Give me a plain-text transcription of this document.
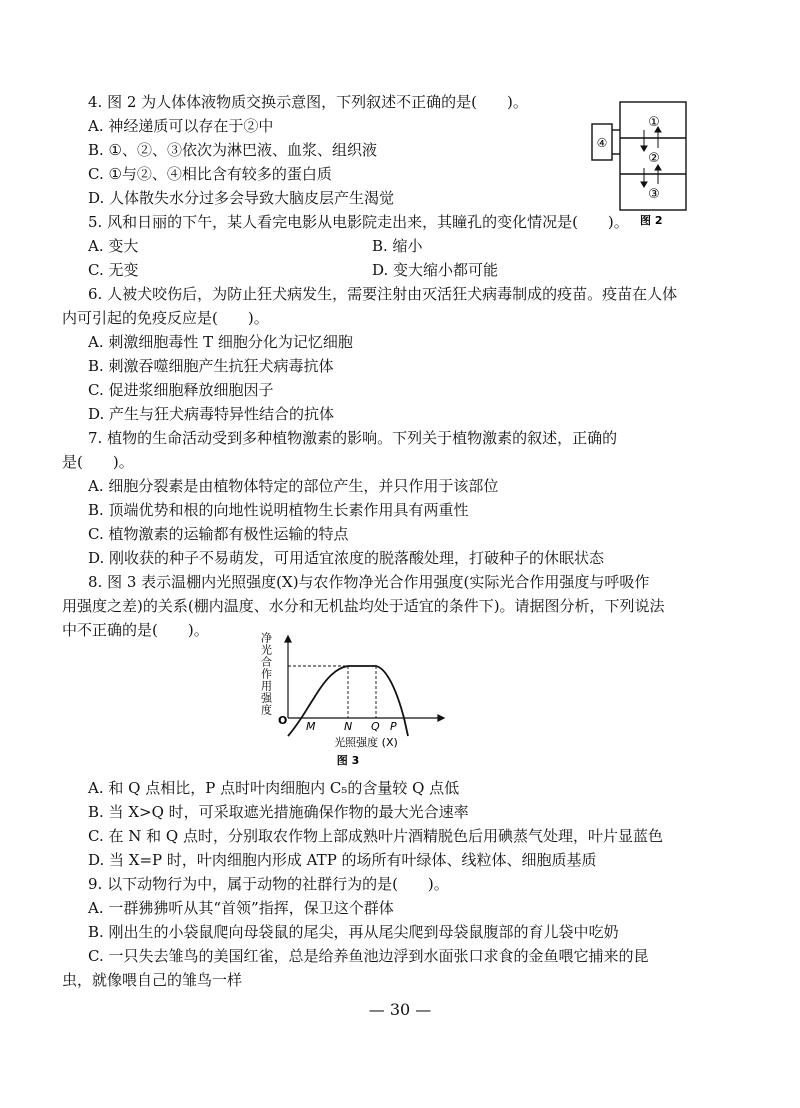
4. 图 2 为人体体液物质交换示意图，下列叙述不正确的是(　　)。
A. 神经递质可以存在于②中
B. ①、②、③依次为淋巴液、血浆、组织液
C. ①与②、④相比含有较多的蛋白质
D. 人体散失水分过多会导致大脑皮层产生渴觉
①
②
③
④
图 2
5. 风和日丽的下午，某人看完电影从电影院走出来，其瞳孔的变化情况是(　　)。
A. 变大	B. 缩小
C. 无变	D. 变大缩小都可能
6. 人被犬咬伤后，为防止狂犬病发生，需要注射由灭活狂犬病毒制成的疫苗。疫苗在人体
内可引起的免疫反应是(　　)。
A. 刺激细胞毒性 T 细胞分化为记忆细胞
B. 刺激吞噬细胞产生抗狂犬病毒抗体
C. 促进浆细胞释放细胞因子
D. 产生与狂犬病毒特异性结合的抗体
7. 植物的生命活动受到多种植物激素的影响。下列关于植物激素的叙述，正确的
是(　　)。
A. 细胞分裂素是由植物体特定的部位产生，并只作用于该部位
B. 顶端优势和根的向地性说明植物生长素作用具有两重性
C. 植物激素的运输都有极性运输的特点
D. 刚收获的种子不易萌发，可用适宜浓度的脱落酸处理，打破种子的休眠状态
8. 图 3 表示温棚内光照强度(X)与农作物净光合作用强度(实际光合作用强度与呼吸作
用强度之差)的关系(棚内温度、水分和无机盐均处于适宜的条件下)。请据图分析，下列说法
中不正确的是(　　)。
净光合作用强度
O M	N Q P
光照强度 (X)
图 3
A. 和 Q 点相比，P 点时叶肉细胞内 C₅的含量较 Q 点低
B. 当 X>Q 时，可采取遮光措施确保作物的最大光合速率
C. 在 N 和 Q 点时，分别取农作物上部成熟叶片酒精脱色后用碘蒸气处理，叶片显蓝色
D. 当 X=P 时，叶肉细胞内形成 ATP 的场所有叶绿体、线粒体、细胞质基质
9. 以下动物行为中，属于动物的社群行为的是(　　)。
A. 一群狒狒听从其“首领”指挥，保卫这个群体
B. 刚出生的小袋鼠爬向母袋鼠的尾尖，再从尾尖爬到母袋鼠腹部的育儿袋中吃奶
C. 一只失去雏鸟的美国红雀，总是给养鱼池边浮到水面张口求食的金鱼喂它捕来的昆
虫，就像喂自己的雏鸟一样
— 30 —
